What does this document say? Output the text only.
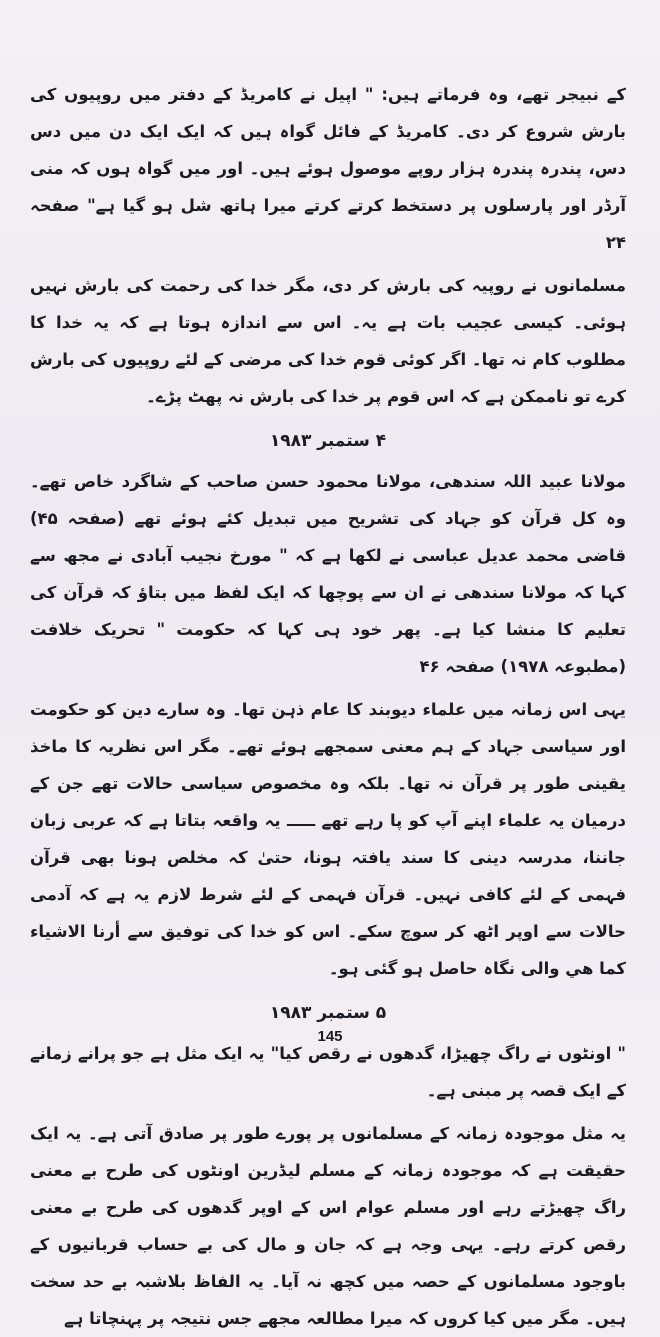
کے نبیجر تھے، وہ فرماتے ہیں: " اپیل نے کامریڈ کے دفتر میں روپیوں کی بارش شروع کر دی۔ کامریڈ کے فائل گواہ ہیں کہ ایک ایک دن میں دس دس، پندرہ پندرہ ہزار روپے موصول ہوئے ہیں۔ اور میں گواہ ہوں کہ منی آرڈر اور پارسلوں پر دستخط کرتے کرتے میرا ہاتھ شل ہو گیا ہے" صفحہ ۲۴

مسلمانوں نے روپیہ کی بارش کر دی، مگر خدا کی رحمت کی بارش نہیں ہوئی۔ کیسی عجیب بات ہے یہ۔ اس سے اندازہ ہوتا ہے کہ یہ خدا کا مطلوب کام نہ تھا۔ اگر کوئی قوم خدا کی مرضی کے لئے روپیوں کی بارش کرے تو ناممکن ہے کہ اس قوم پر خدا کی بارش نہ پھٹ پڑے۔

۴ ستمبر ۱۹۸۳

مولانا عبید اللہ سندھی، مولانا محمود حسن صاحب کے شاگرد خاص تھے۔ وہ کل قرآن کو جہاد کی تشریح میں تبدیل کئے ہوئے تھے (صفحہ ۴۵) قاضی محمد عدیل عباسی نے لکھا ہے کہ " مورخ نجیب آبادی نے مجھ سے کہا کہ مولانا سندھی نے ان سے پوچھا کہ ایک لفظ میں بتاؤ کہ قرآن کی تعلیم کا منشا کیا ہے۔ پھر خود ہی کہا کہ حکومت " تحریک خلافت (مطبوعہ ۱۹۷۸) صفحہ ۴۶

یہی اس زمانہ میں علماء دیوبند کا عام ذہن تھا۔ وہ سارے دین کو حکومت اور سیاسی جہاد کے ہم معنی سمجھے ہوئے تھے۔ مگر اس نظریہ کا ماخذ یقینی طور پر قرآن نہ تھا۔ بلکہ وہ مخصوص سیاسی حالات تھے جن کے درمیان یہ علماء اپنے آپ کو پا رہے تھے ـــــ یہ واقعہ بتاتا ہے کہ عربی زبان جاننا، مدرسہ دینی کا سند یافتہ ہونا، حتیٰ کہ مخلص ہونا بھی قرآن فہمی کے لئے کافی نہیں۔ قرآن فہمی کے لئے شرط لازم یہ ہے کہ آدمی حالات سے اوپر اٹھ کر سوچ سکے۔ اس کو خدا کی توفیق سے أرنا الاشياء كما هي والی نگاہ حاصل ہو گئی ہو۔

۵ ستمبر ۱۹۸۳

" اونٹوں نے راگ چھیڑا، گدھوں نے رقص کیا" یہ ایک مثل ہے جو پرانے زمانے کے ایک قصہ پر مبنی ہے۔

یہ مثل موجودہ زمانہ کے مسلمانوں پر پورے طور پر صادق آتی ہے۔ یہ ایک حقیقت ہے کہ موجودہ زمانہ کے مسلم لیڈرین اونٹوں کی طرح بے معنی راگ چھیڑتے رہے اور مسلم عوام اس کے اوپر گدھوں کی طرح بے معنی رقص کرتے رہے۔ یہی وجہ ہے کہ جان و مال کی بے حساب قربانیوں کے باوجود مسلمانوں کے حصہ میں کچھ نہ آیا۔ یہ الفاظ بلاشبہ بے حد سخت ہیں۔ مگر میں کیا کروں کہ میرا مطالعہ مجھے جس نتیجہ پر پہنچاتا ہے

145
